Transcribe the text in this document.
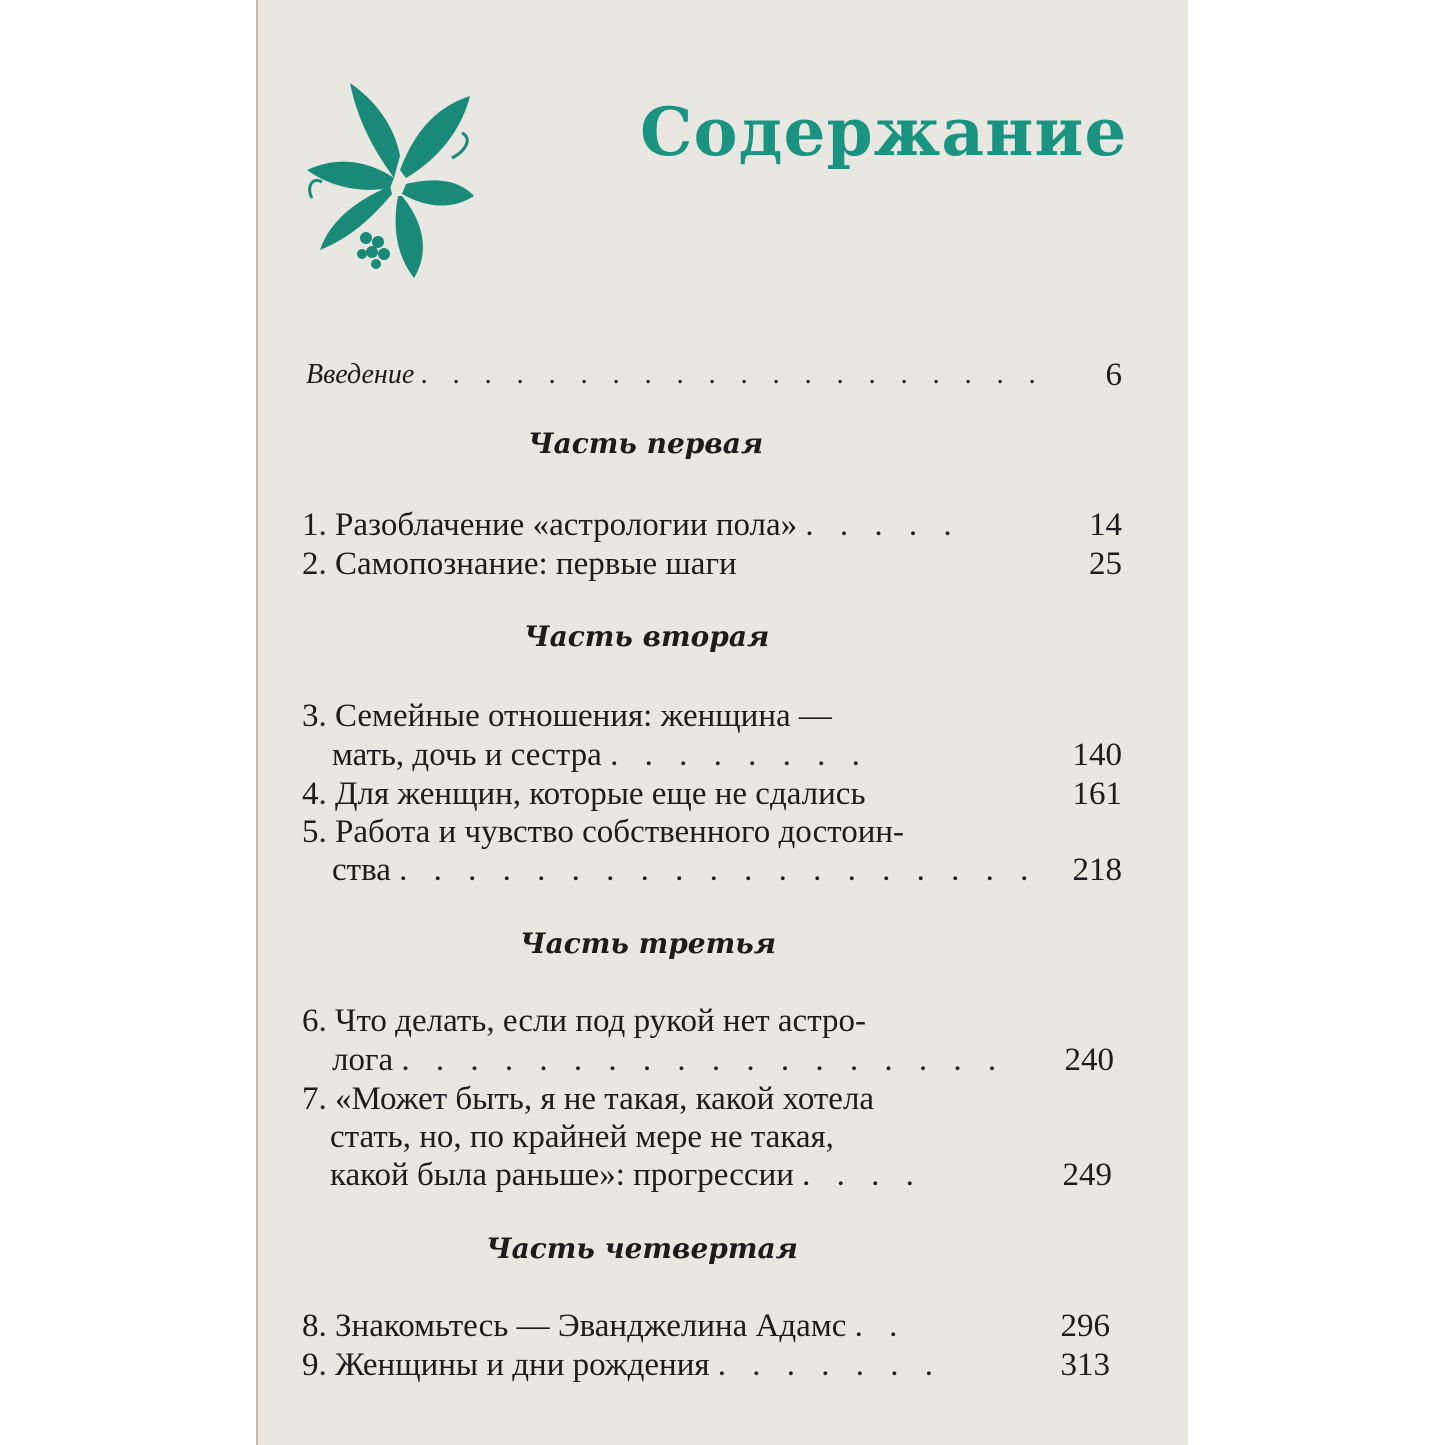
Содержание
Введение . . . . . . . . . . . . . . . . . . . .	6
Часть первая
1. Разоблачение «астрологии пола» . . . . .	14
2. Самопознание: первые шаги	25
Часть вторая
3. Семейные отношения: женщина —
мать, дочь и сестра . . . . . . . .	140
4. Для женщин, которые еще не сдались	161
5. Работа и чувство собственного достоин-
ства . . . . . . . . . . . . . . . . . . .	218
Часть третья
6. Что делать, если под рукой нет астро-
лога . . . . . . . . . . . . . . . . . .	240
7. «Может быть, я не такая, какой хотела
стать, но, по крайней мере не такая,
какой была раньше»: прогрессии . . . .	249
Часть четвертая
8. Знакомьтесь — Эванджелина Адамс . .	296
9. Женщины и дни рождения . . . . . . .	313
